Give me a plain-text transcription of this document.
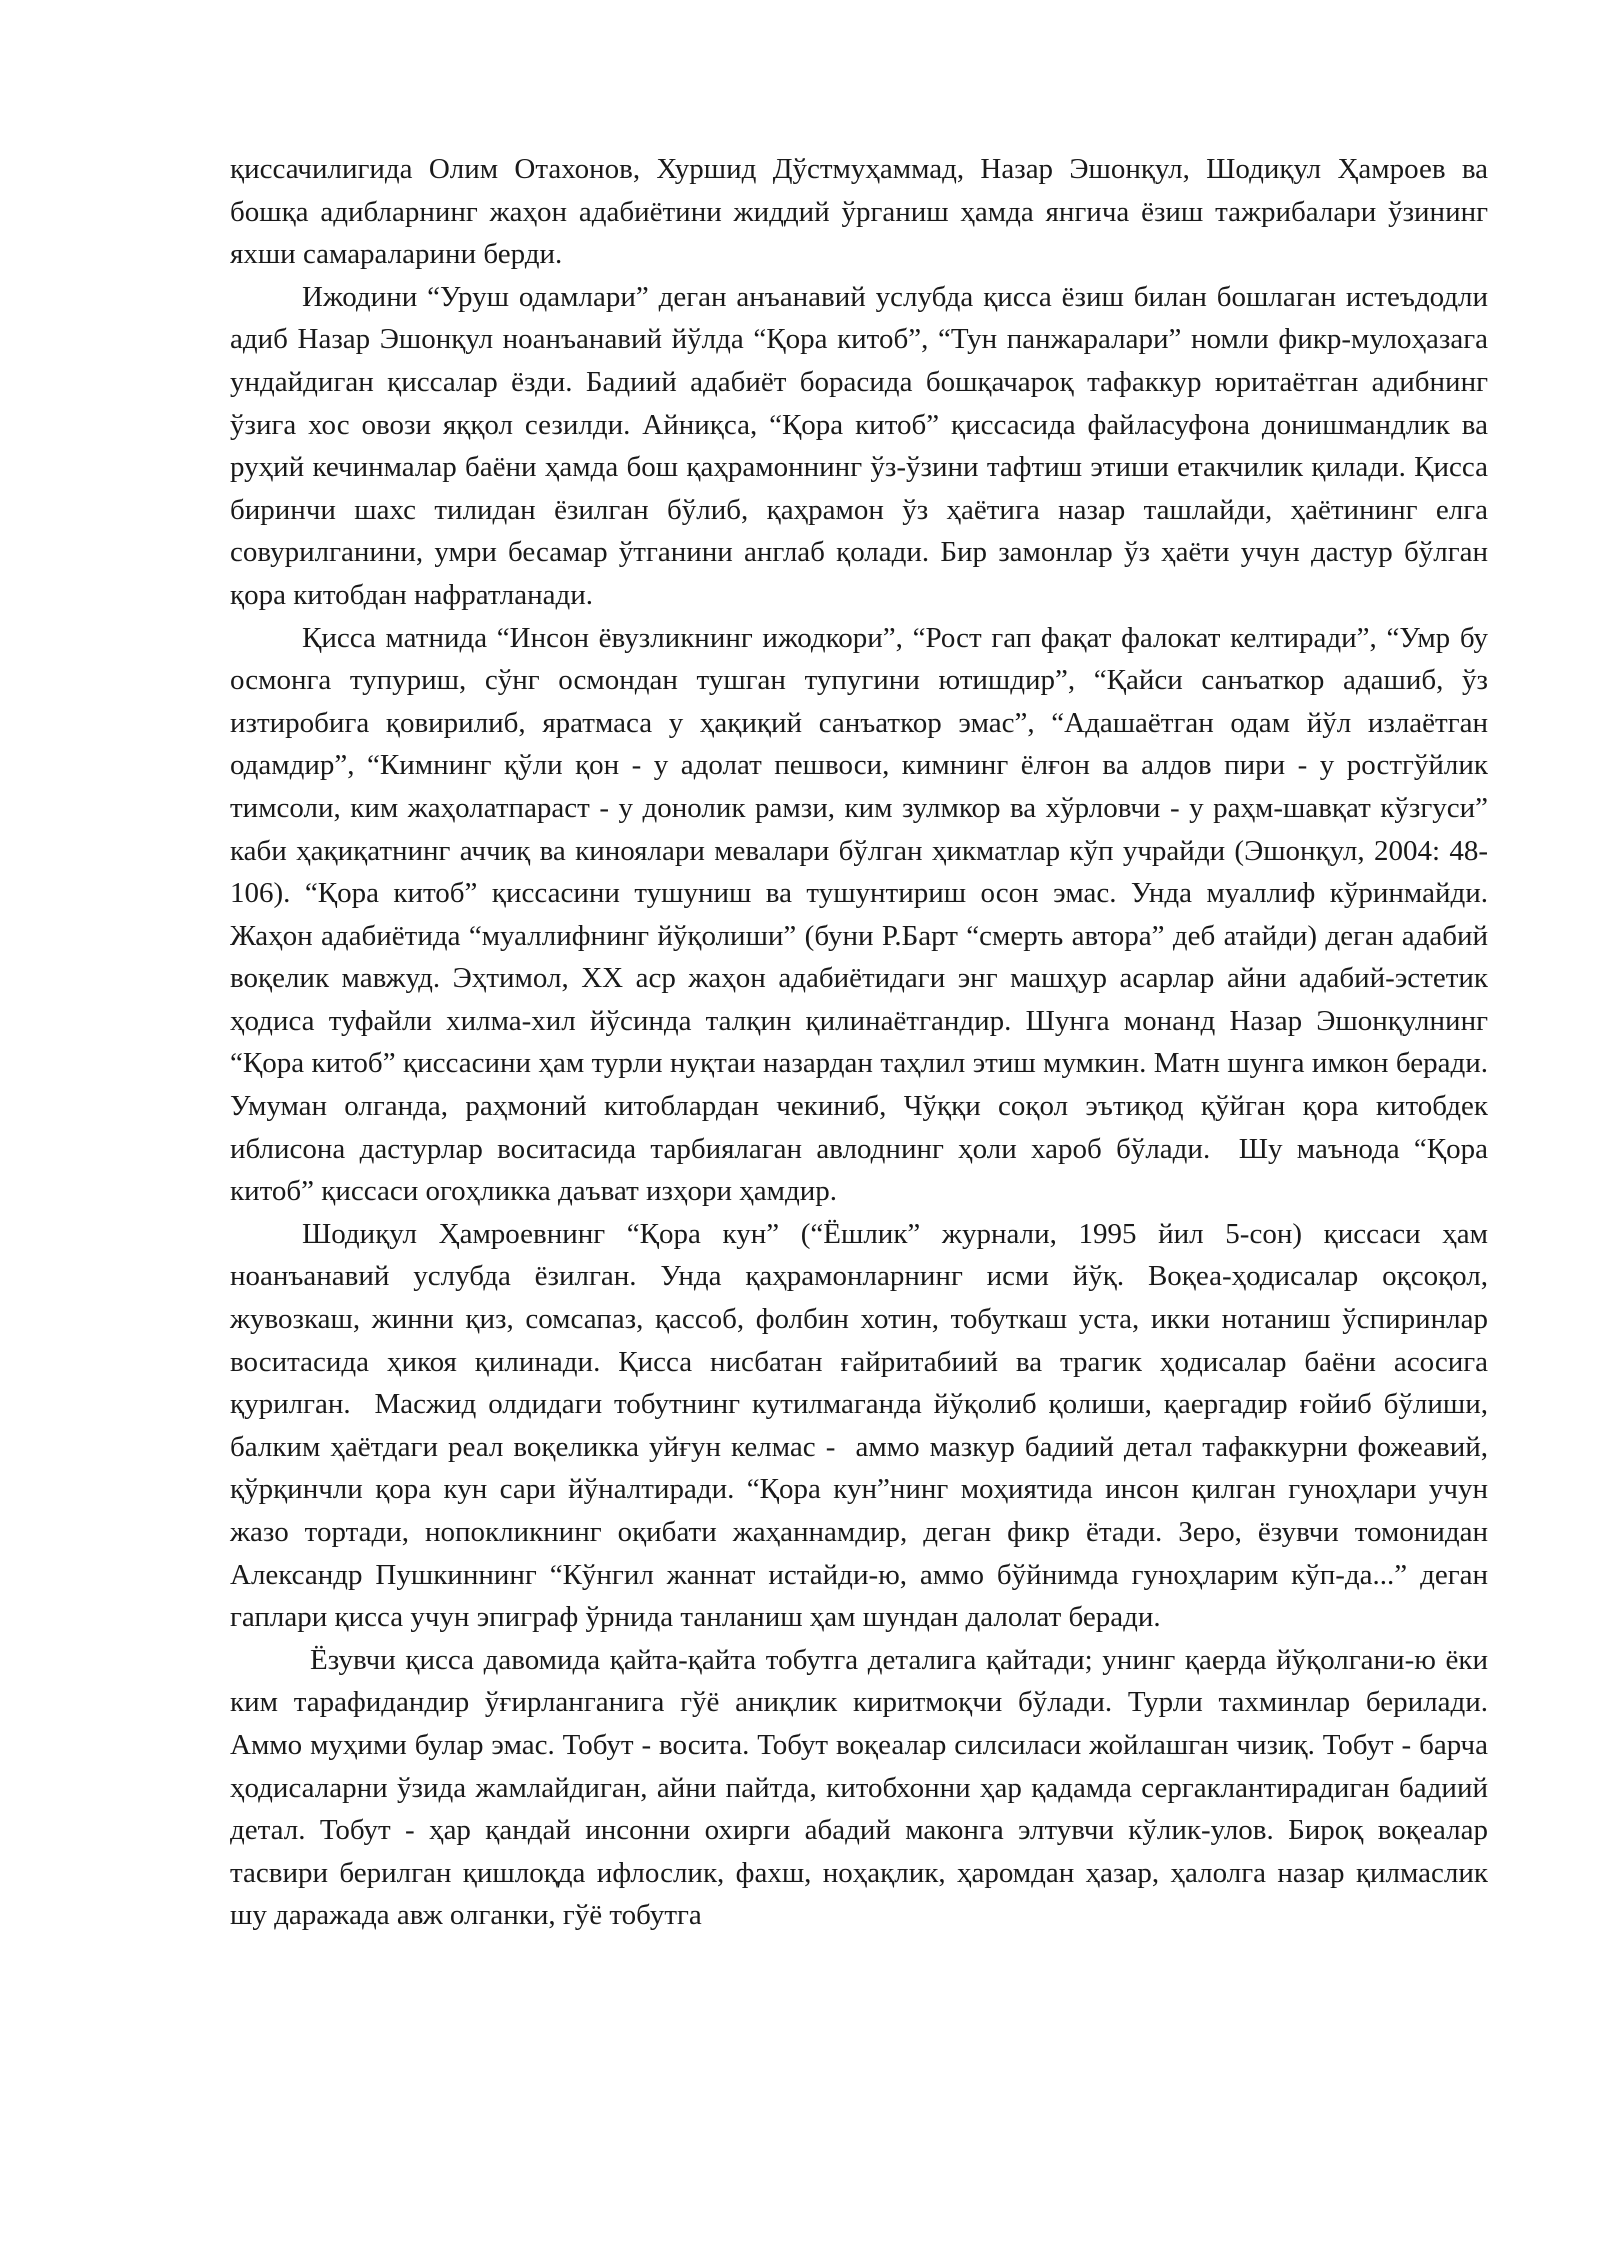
қиссачилигида Олим Отахонов, Хуршид Дўстмуҳаммад, Назар Эшонқул, Шодиқул Ҳамроев ва бошқа адибларнинг жаҳон адабиётини жиддий ўрганиш ҳамда янгича ёзиш тажрибалари ўзининг яхши самараларини берди.

Ижодини “Уруш одамлари” деган анъанавий услубда қисса ёзиш билан бошлаган истеъдодли адиб Назар Эшонқул ноанъанавий йўлда “Қора китоб”, “Тун панжаралари” номли фикр-мулоҳазага ундайдиган қиссалар ёзди. Бадиий адабиёт борасида бошқачароқ тафаккур юритаётган адибнинг  ўзига хос овози яққол сезилди. Айниқса, “Қора китоб” қиссасида файласуфона донишмандлик ва руҳий кечинмалар баёни ҳамда бош қаҳрамоннинг ўз-ўзини тафтиш этиши етакчилик қилади. Қисса биринчи шахс тилидан ёзилган бўлиб, қаҳрамон ўз ҳаётига назар ташлайди, ҳаётининг елга совурилганини, умри бесамар ўтганини англаб қолади. Бир замонлар ўз ҳаёти учун дастур бўлган қора китобдан нафратланади.

Қисса матнида “Инсон ёвузликнинг ижодкори”, “Рост гап фақат фалокат келтиради”, “Умр бу осмонга тупуриш, сўнг осмондан тушган тупугини ютишдир”, “Қайси санъаткор адашиб, ўз изтиробига қовирилиб, яратмаса у ҳақиқий санъаткор эмас”, “Адашаётган одам йўл излаётган одамдир”, “Кимнинг қўли қон - у адолат пешвоси, кимнинг ёлғон ва алдов пири - у ростгўйлик тимсоли, ким жаҳолатпараст - у донолик рамзи, ким зулмкор ва хўрловчи - у раҳм-шавқат кўзгуси” каби ҳақиқатнинг аччиқ ва киноялари мевалари бўлган ҳикматлар кўп учрайди (Эшонқул, 2004: 48-106). “Қора китоб” қиссасини тушуниш ва тушунтириш осон эмас. Унда муаллиф кўринмайди. Жаҳон адабиётида “муаллифнинг йўқолиши” (буни Р.Барт “смерть автора” деб атайди) деган адабий воқелик мавжуд. Эҳтимол, XX аср жаҳон адабиётидаги энг машҳур асарлар айни адабий-эстетик ҳодиса туфайли хилма-хил йўсинда талқин қилинаётгандир. Шунга монанд Назар Эшонқулнинг “Қора китоб” қиссасини ҳам турли нуқтаи назардан таҳлил этиш мумкин. Матн шунга имкон беради. Умуман олганда, раҳмоний китоблардан чекиниб, Чўққи соқол эътиқод қўйган қора китобдек иблисона дастурлар воситасида тарбиялаган авлоднинг ҳоли хароб бўлади.  Шу маънода “Қора китоб” қиссаси огоҳликка даъват изҳори ҳамдир.

Шодиқул Ҳамроевнинг “Қора кун” (“Ёшлик” журнали, 1995 йил 5-сон) қиссаси ҳам ноанъанавий услубда ёзилган. Унда қаҳрамонларнинг исми йўқ. Воқеа-ҳодисалар оқсоқол, жувозкаш, жинни қиз, сомсапаз, қассоб, фолбин хотин, тобуткаш уста, икки нотаниш ўспиринлар воситасида ҳикоя қилинади. Қисса нисбатан ғайритабиий ва трагик ҳодисалар баёни асосига қурилган.  Масжид олдидаги тобутнинг кутилмаганда йўқолиб қолиши, қаергадир ғойиб бўлиши, балким ҳаётдаги реал воқеликка уйғун келмас -  аммо мазкур бадиий детал тафаккурни фожеавий, қўрқинчли қора кун сари йўналтиради. “Қора кун”нинг моҳиятида инсон қилган гуноҳлари учун жазо тортади, нопокликнинг оқибати жаҳаннамдир, деган фикр ётади. Зеро, ёзувчи томонидан Александр Пушкиннинг “Кўнгил жаннат истайди-ю, аммо бўйнимда гуноҳларим кўп-да...” деган гаплари қисса учун эпиграф ўрнида танланиш ҳам шундан далолат беради.

Ёзувчи қисса давомида қайта-қайта тобутга деталига қайтади; унинг қаерда йўқолгани-ю ёки ким тарафидандир ўғирланганига гўё аниқлик киритмоқчи бўлади. Турли тахминлар берилади. Аммо муҳими булар эмас. Тобут - восита. Тобут воқеалар силсиласи жойлашган чизиқ. Тобут - барча ҳодисаларни ўзида жамлайдиган, айни пайтда, китобхонни ҳар қадамда сергаклантирадиган бадиий детал. Тобут - ҳар қандай инсонни охирги абадий маконга элтувчи кўлик-улов. Бироқ воқеалар тасвири берилган қишлоқда ифлослик, фахш, ноҳақлик, ҳаромдан ҳазар, ҳалолга назар қилмаслик шу даражада авж олганки, гўё тобутга
